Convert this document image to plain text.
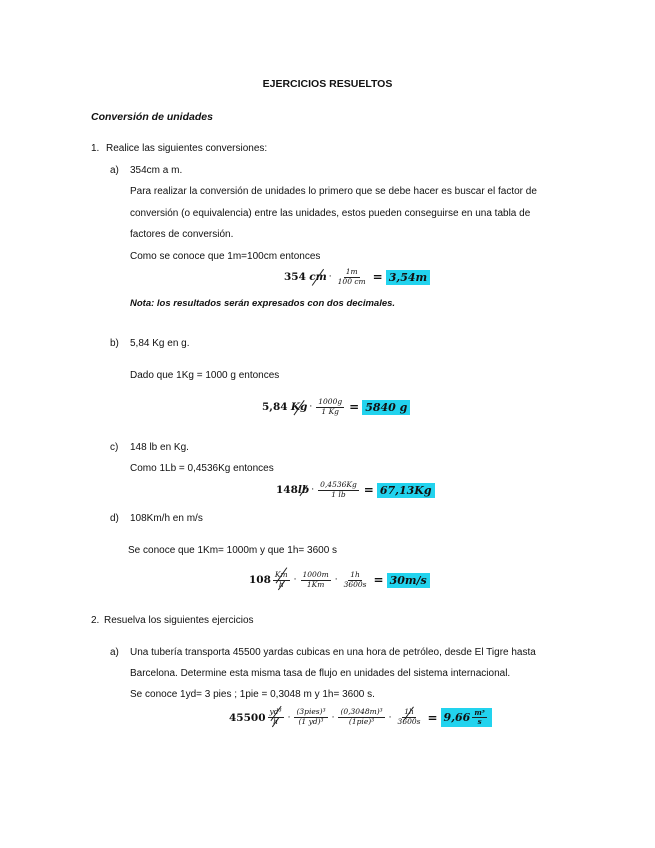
EJERCICIOS RESUELTOS
Conversión de unidades
1. Realice las siguientes conversiones:
a) 354cm a m.
Para realizar la conversión de unidades lo primero que se debe hacer es buscar el factor de
conversión (o equivalencia) entre las unidades, estos pueden conseguirse en una tabla de
factores de conversión.
Como se conoce que 1m=100cm entonces
354
cm · $\frac{1m}{100 cm} = 3,54m$
Nota: los resultados serán expresados con dos decimales.
b) 5,84 Kg en g.
Dado que 1Kg = 1000 g entonces
5,84
$Kg \cdot \frac{1000g}{1 Kg} = 5840$ g
c) 148 lb en Kg.
Como 1Lb = 0,4536Kg entonces
148 lb · $\frac{0,4536Kg}{1 lb} = 67,13Kg$
d) 108Km/h en m/s
Se conoce que 1Km= 1000m y que 1h= 3600 s
$108 \frac{Km}{h} \cdot \frac{1000m}{1Km} \cdot \frac{1h}{3600s} = 30m/s$
2. Resuelva los siguientes ejercicios
a) Una tubería transporta 45500 yardas cubicas en una hora de petróleo, desde El Tigre hasta
Barcelona. Determine esta misma tasa de flujo en unidades del sistema internacional.
Se conoce 1yd= 3 pies ; 1pie = 0,3048 m y 1h= 3600 s.
$45500 \frac{\text{yd³}}{h} \cdot \frac{\text{(3pies)³}}{\text{(1 yd)³}} \cdot \frac{\text{(0,3048m)³}}{\text{(1pie)³}} \cdot \frac{1h}{3600s} = 9,66 \frac{\text{m³}}{s}$
